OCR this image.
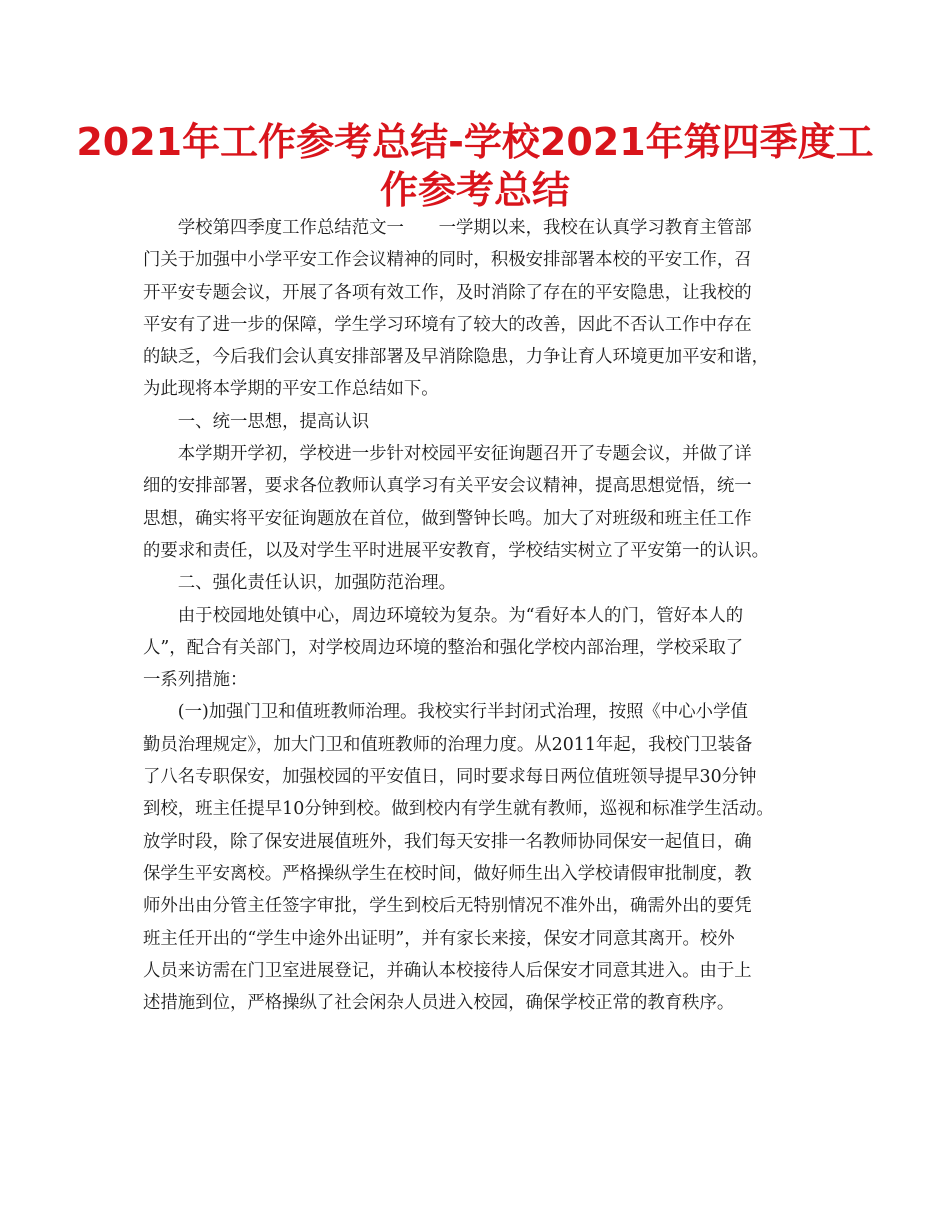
2021年工作参考总结-学校2021年第四季度工
作参考总结
　　学校第四季度工作总结范文一　　一学期以来，我校在认真学习教育主管部
门关于加强中小学平安工作会议精神的同时，积极安排部署本校的平安工作，召
开平安专题会议，开展了各项有效工作，及时消除了存在的平安隐患，让我校的
平安有了进一步的保障，学生学习环境有了较大的改善，因此不否认工作中存在
的缺乏，今后我们会认真安排部署及早消除隐患，力争让育人环境更加平安和谐，
为此现将本学期的平安工作总结如下。
　　一、统一思想，提高认识
　　本学期开学初，学校进一步针对校园平安征询题召开了专题会议，并做了详
细的安排部署，要求各位教师认真学习有关平安会议精神，提高思想觉悟，统一
思想，确实将平安征询题放在首位，做到警钟长鸣。加大了对班级和班主任工作
的要求和责任，以及对学生平时进展平安教育，学校结实树立了平安第一的认识。
　　二、强化责任认识，加强防范治理。
　　由于校园地处镇中心，周边环境较为复杂。为“看好本人的门，管好本人的
人”，配合有关部门，对学校周边环境的整治和强化学校内部治理，学校采取了
一系列措施：
　　(一)加强门卫和值班教师治理。我校实行半封闭式治理，按照《中心小学值
勤员治理规定》，加大门卫和值班教师的治理力度。从2011年起，我校门卫装备
了八名专职保安，加强校园的平安值日，同时要求每日两位值班领导提早30分钟
到校，班主任提早10分钟到校。做到校内有学生就有教师，巡视和标准学生活动。
放学时段，除了保安进展值班外，我们每天安排一名教师协同保安一起值日，确
保学生平安离校。严格操纵学生在校时间，做好师生出入学校请假审批制度，教
师外出由分管主任签字审批，学生到校后无特别情况不准外出，确需外出的要凭
班主任开出的“学生中途外出证明”，并有家长来接，保安才同意其离开。校外
人员来访需在门卫室进展登记，并确认本校接待人后保安才同意其进入。由于上
述措施到位，严格操纵了社会闲杂人员进入校园，确保学校正常的教育秩序。
